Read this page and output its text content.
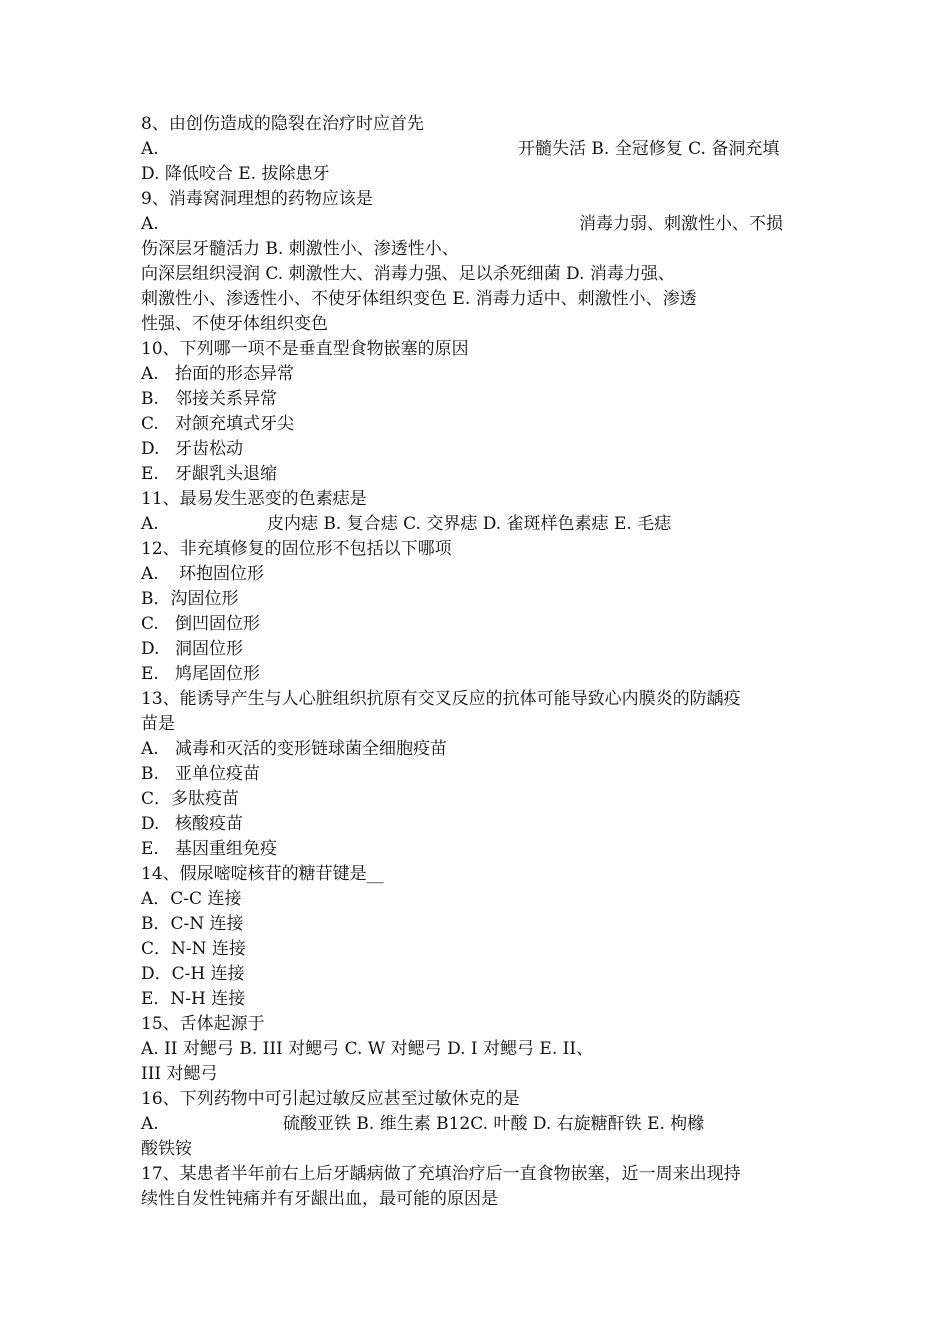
8、由创伤造成的隐裂在治疗时应首先
A.	开髓失活 B. 全冠修复 C. 备洞充填
D. 降低咬合 E. 拔除患牙
9、消毒窝洞理想的药物应该是
A.	消毒力弱、刺激性小、不损
伤深层牙髓活力 B. 刺激性小、渗透性小、
向深层组织浸润 C. 刺激性大、消毒力强、足以杀死细菌 D. 消毒力强、
刺激性小、渗透性小、不使牙体组织变色 E. 消毒力适中、刺激性小、渗透
性强、不使牙体组织变色
10、下列哪一项不是垂直型食物嵌塞的原因
A. 抬面的形态异常
B. 邻接关系异常
C. 对颌充填式牙尖
D. 牙齿松动
E. 牙龈乳头退缩
11、最易发生恶变的色素痣是
A.	皮内痣 B. 复合痣 C. 交界痣 D. 雀斑样色素痣 E. 毛痣
12、非充填修复的固位形不包括以下哪项
A. 环抱固位形
B．沟固位形
C. 倒凹固位形
D. 洞固位形
E. 鸠尾固位形
13、能诱导产生与人心脏组织抗原有交叉反应的抗体可能导致心内膜炎的防龋疫
苗是
A. 减毒和灭活的变形链球菌全细胞疫苗
B. 亚单位疫苗
C．多肽疫苗
D. 核酸疫苗
E. 基因重组免疫
14、假尿嘧啶核苷的糖苷键是__
A．C-C 连接
B．C-N 连接
C．N-N 连接
D．C-H 连接
E．N-H 连接
15、舌体起源于
A. II 对鳃弓 B. III 对鳃弓 C. W 对鳃弓 D. I 对鳃弓 E. II、
III 对鳃弓
16、下列药物中可引起过敏反应甚至过敏休克的是
A.	硫酸亚铁 B. 维生素 B12C. 叶酸 D. 右旋糖酐铁 E. 枸橼
酸铁铵
17、某患者半年前右上后牙龋病做了充填治疗后一直食物嵌塞，近一周来出现持
续性自发性钝痛并有牙龈出血，最可能的原因是
